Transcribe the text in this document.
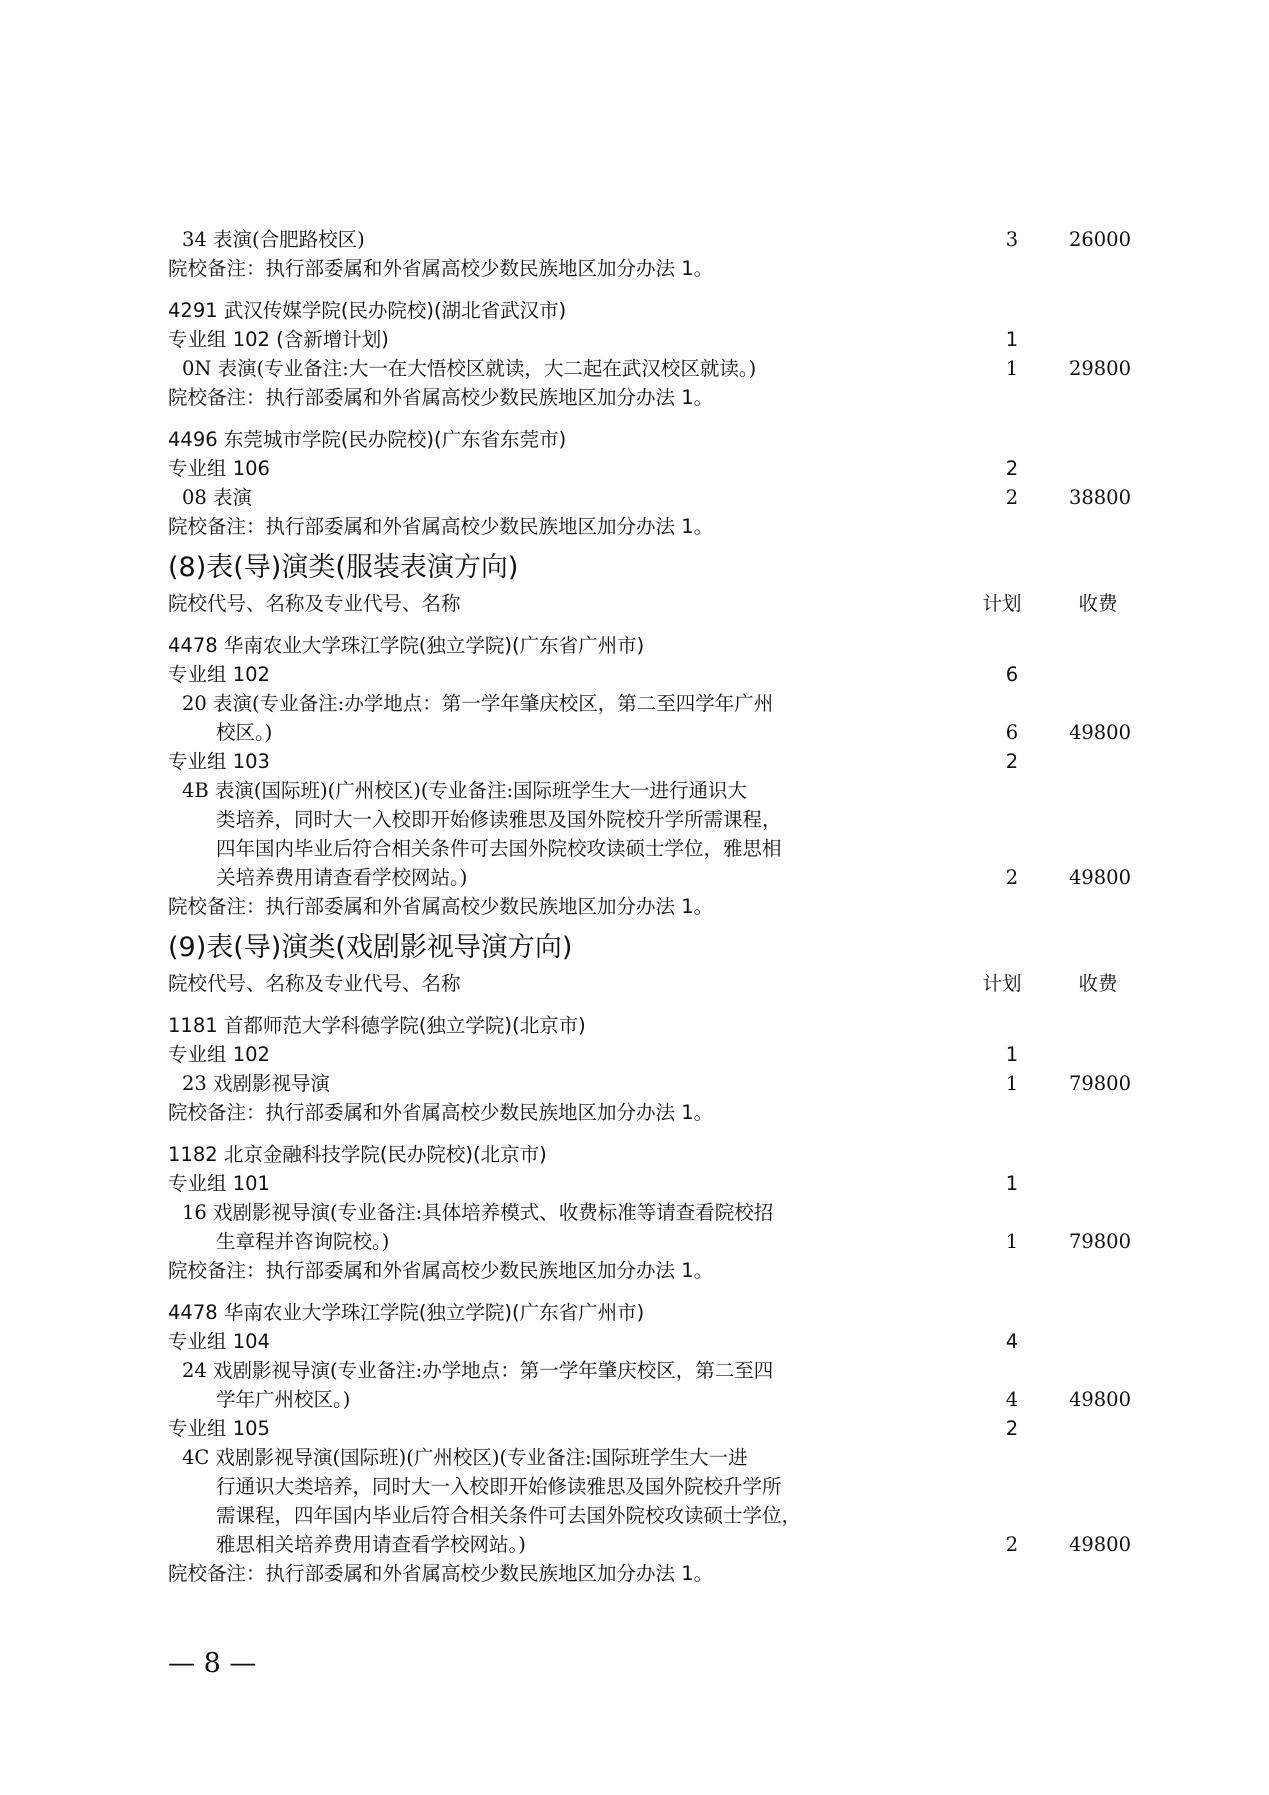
34 表演(合肥路校区)	3	26000
院校备注：执行部委属和外省属高校少数民族地区加分办法 1。
4291 武汉传媒学院(民办院校)(湖北省武汉市)
专业组 102 (含新增计划)	1
0N 表演(专业备注:大一在大悟校区就读，大二起在武汉校区就读。)	1	29800
院校备注：执行部委属和外省属高校少数民族地区加分办法 1。
4496 东莞城市学院(民办院校)(广东省东莞市)
专业组 106	2
08 表演	2	38800
院校备注：执行部委属和外省属高校少数民族地区加分办法 1。
(8)表(导)演类(服装表演方向)
院校代号、名称及专业代号、名称	计划	收费
4478 华南农业大学珠江学院(独立学院)(广东省广州市)
专业组 102	6
20 表演(专业备注:办学地点：第一学年肇庆校区，第二至四学年广州
校区。)	6	49800
专业组 103	2
4B 表演(国际班)(广州校区)(专业备注:国际班学生大一进行通识大
类培养，同时大一入校即开始修读雅思及国外院校升学所需课程，
四年国内毕业后符合相关条件可去国外院校攻读硕士学位，雅思相
关培养费用请查看学校网站。)	2	49800
院校备注：执行部委属和外省属高校少数民族地区加分办法 1。
(9)表(导)演类(戏剧影视导演方向)
院校代号、名称及专业代号、名称	计划	收费
1181 首都师范大学科德学院(独立学院)(北京市)
专业组 102	1
23 戏剧影视导演	1	79800
院校备注：执行部委属和外省属高校少数民族地区加分办法 1。
1182 北京金融科技学院(民办院校)(北京市)
专业组 101	1
16 戏剧影视导演(专业备注:具体培养模式、收费标准等请查看院校招
生章程并咨询院校。)	1	79800
院校备注：执行部委属和外省属高校少数民族地区加分办法 1。
4478 华南农业大学珠江学院(独立学院)(广东省广州市)
专业组 104	4
24 戏剧影视导演(专业备注:办学地点：第一学年肇庆校区，第二至四
学年广州校区。)	4	49800
专业组 105	2
4C 戏剧影视导演(国际班)(广州校区)(专业备注:国际班学生大一进
行通识大类培养，同时大一入校即开始修读雅思及国外院校升学所
需课程，四年国内毕业后符合相关条件可去国外院校攻读硕士学位，
雅思相关培养费用请查看学校网站。)	2	49800
院校备注：执行部委属和外省属高校少数民族地区加分办法 1。
— 8 —
